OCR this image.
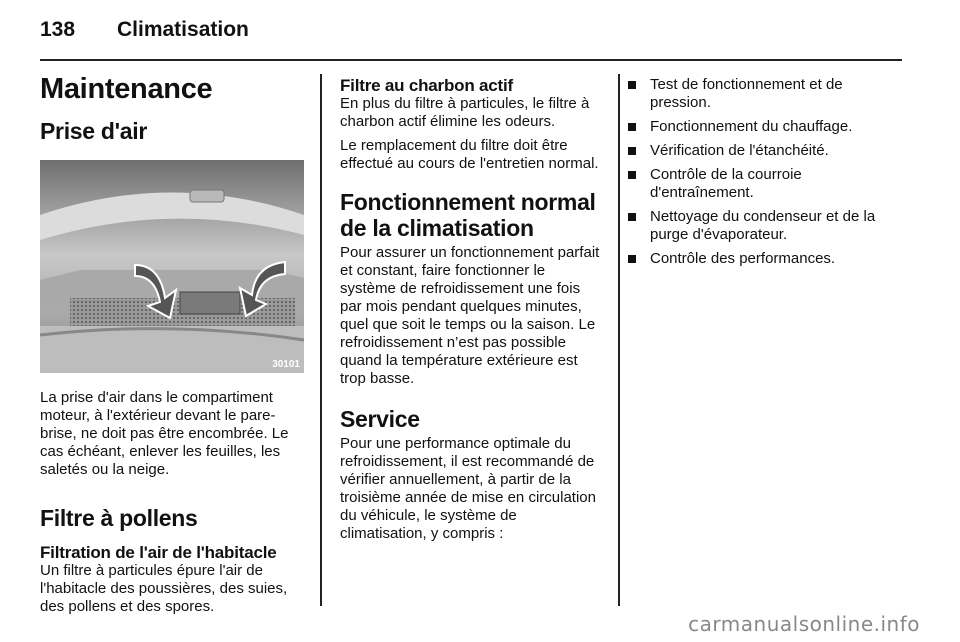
138 Climatisation
Maintenance
Prise d'air
30101

La prise d'air dans le compartiment moteur, à l'extérieur devant le pare-brise, ne doit pas être encombrée. Le cas échéant, enlever les feuilles, les saletés ou la neige.

Filtre à pollens
Filtration de l'air de l'habitacle

Un filtre à particules épure l'air de l'habitacle des poussières, des suies, des pollens et des spores.

Filtre au charbon actif

En plus du filtre à particules, le filtre à charbon actif élimine les odeurs.

Le remplacement du filtre doit être effectué au cours de l'entretien normal.

Fonctionnement normal de la climatisation

Pour assurer un fonctionnement parfait et constant, faire fonctionner le système de refroidissement une fois par mois pendant quelques minutes, quel que soit le temps ou la saison. Le refroidissement n’est pas possible quand la température extérieure est trop basse.

Service

Pour une performance optimale du refroidissement, il est recommandé de vérifier annuellement, à partir de la troisième année de mise en circulation du véhicule, le système de climatisation, y compris :

Test de fonctionnement et de pression.
Fonctionnement du chauffage.
Vérification de l'étanchéité.
Contrôle de la courroie d'entraînement.
Nettoyage du condenseur et de la purge d'évaporateur.
Contrôle des performances.
carmanualsonline.info
